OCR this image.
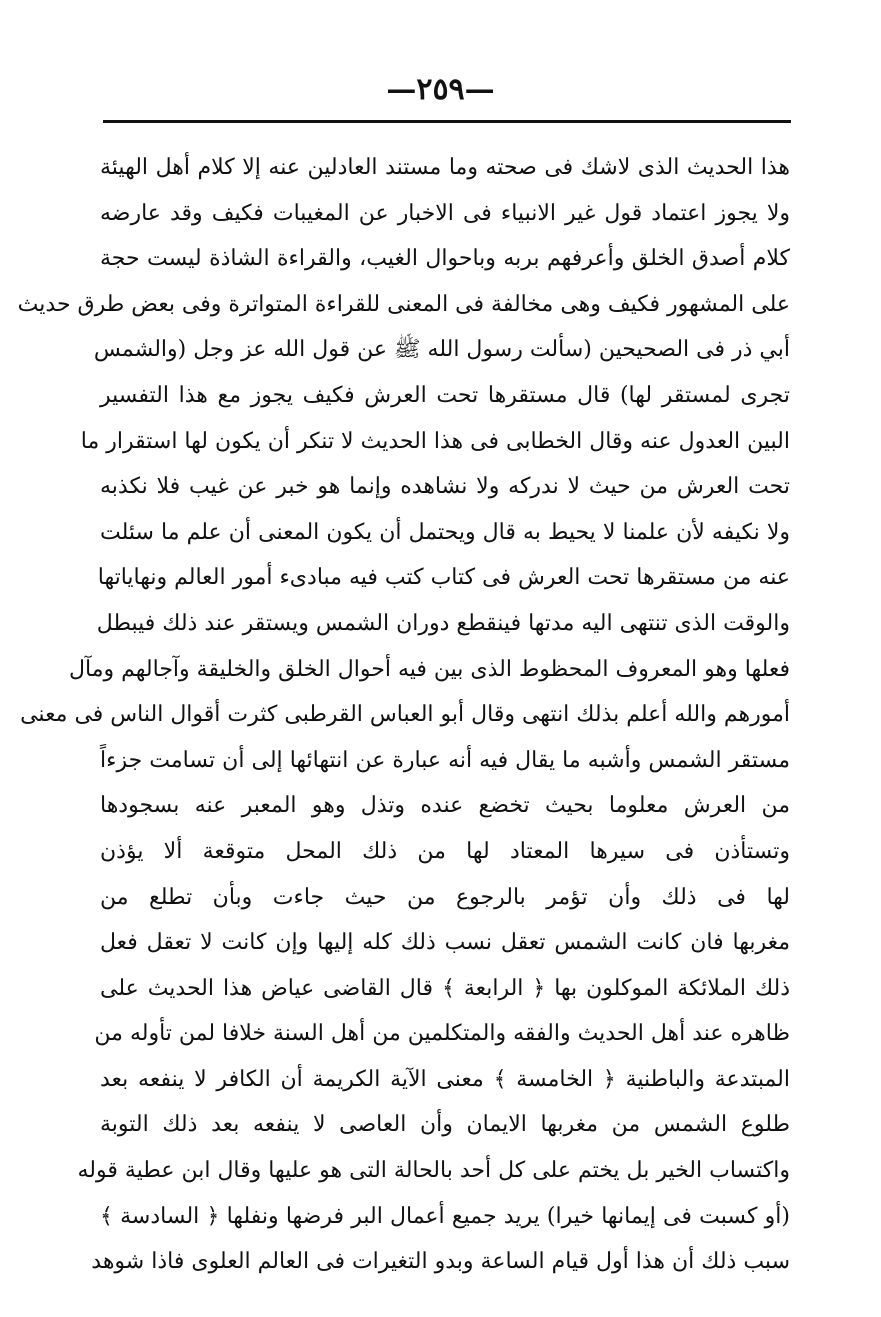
—٢٥٩—
هذا الحديث الذى لاشك فى صحته وما مستند العادلين عنه إلا كلام أهل الهيئة
ولا يجوز اعتماد قول غير الانبياء فى الاخبار عن المغيبات فكيف وقد عارضه
كلام أصدق الخلق وأعرفهم بربه وباحوال الغيب، والقراءة الشاذة ليست حجة
على المشهور فكيف وهى مخالفة فى المعنى للقراءة المتواترة وفى بعض طرق حديث
أبي ذر فى الصحيحين (سألت رسول الله ﷺ عن قول الله عز وجل (والشمس
تجرى لمستقر لها) قال مستقرها تحت العرش فكيف يجوز مع هذا التفسير
البين العدول عنه وقال الخطابى فى هذا الحديث لا تنكر أن يكون لها استقرار ما
تحت العرش من حيث لا ندركه ولا نشاهده وإنما هو خبر عن غيب فلا نكذبه
ولا نكيفه لأن علمنا لا يحيط به قال ويحتمل أن يكون المعنى أن علم ما سئلت
عنه من مستقرها تحت العرش فى كتاب كتب فيه مبادىء أمور العالم ونهاياتها
والوقت الذى تنتهى اليه مدتها فينقطع دوران الشمس ويستقر عند ذلك فيبطل
فعلها وهو المعروف المحظوط الذى بين فيه أحوال الخلق والخليقة وآجالهم ومآل
أمورهم والله أعلم بذلك انتهى وقال أبو العباس القرطبى كثرت أقوال الناس فى معنى
مستقر الشمس وأشبه ما يقال فيه أنه عبارة عن انتهائها إلى أن تسامت جزءاً
من العرش معلوما بحيث تخضع عنده وتذل وهو المعبر عنه بسجودها
وتستأذن فى سيرها المعتاد لها من ذلك المحل متوقعة ألا يؤذن
لها فى ذلك وأن تؤمر بالرجوع من حيث جاءت وبأن تطلع من
مغربها فان كانت الشمس تعقل نسب ذلك كله إليها وإن كانت لا تعقل فعل
ذلك الملائكة الموكلون بها ﴿ الرابعة ﴾ قال القاضى عياض هذا الحديث على
ظاهره عند أهل الحديث والفقه والمتكلمين من أهل السنة خلافا لمن تأوله من
المبتدعة والباطنية ﴿ الخامسة ﴾ معنى الآية الكريمة أن الكافر لا ينفعه بعد
طلوع الشمس من مغربها الايمان وأن العاصى لا ينفعه بعد ذلك التوبة
واكتساب الخير بل يختم على كل أحد بالحالة التى هو عليها وقال ابن عطية قوله
(أو كسبت فى إيمانها خيرا) يريد جميع أعمال البر فرضها ونفلها ﴿ السادسة ﴾
سبب ذلك أن هذا أول قيام الساعة وبدو التغيرات فى العالم العلوى فاذا شوهد
